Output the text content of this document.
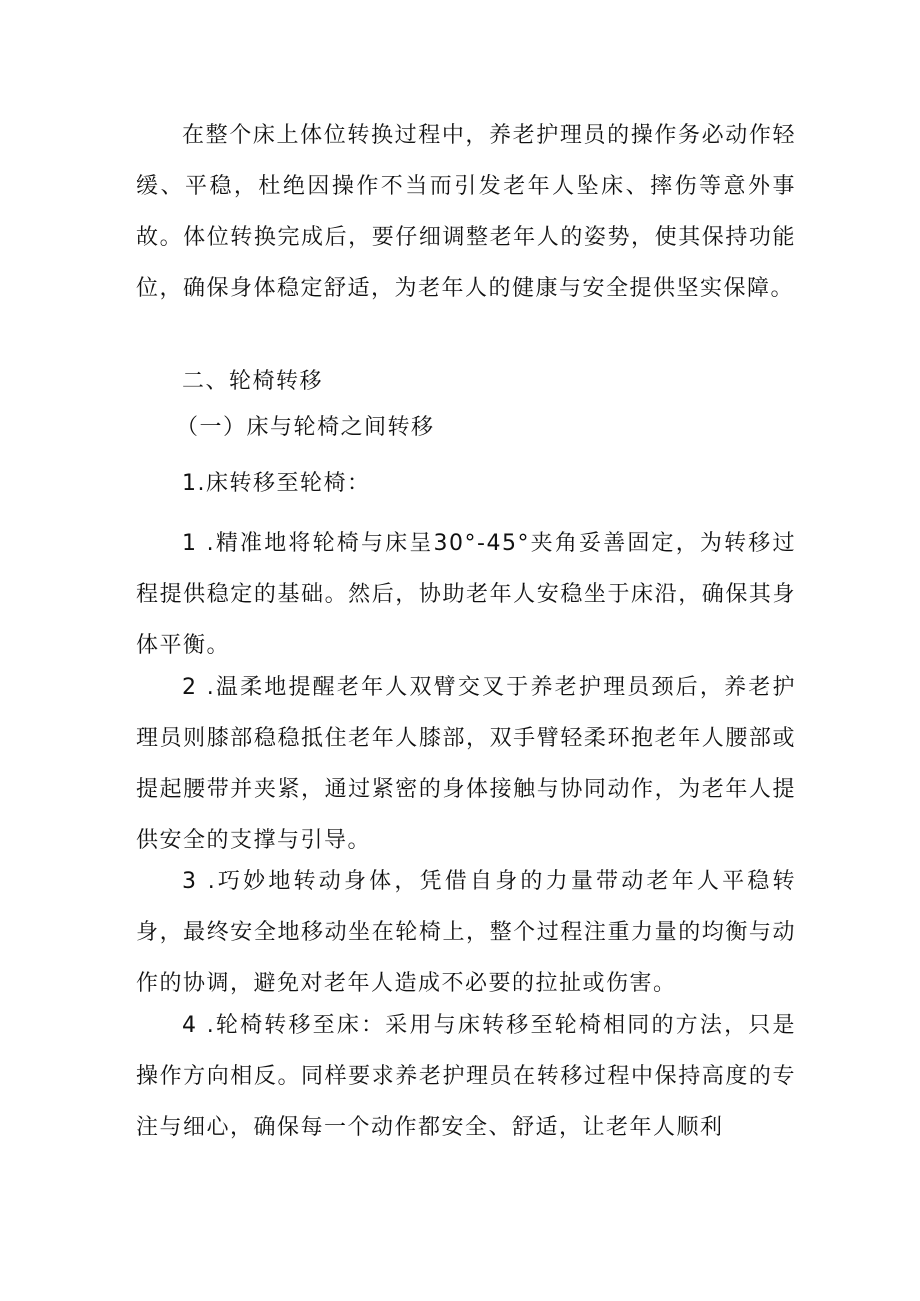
在整个床上体位转换过程中，养老护理员的操作务必动作轻缓、平稳，杜绝因操作不当而引发老年人坠床、摔伤等意外事故。体位转换完成后，要仔细调整老年人的姿势，使其保持功能位，确保身体稳定舒适，为老年人的健康与安全提供坚实保障。

二、轮椅转移

（一）床与轮椅之间转移

1.床转移至轮椅：

1 .精准地将轮椅与床呈30°-45°夹角妥善固定，为转移过程提供稳定的基础。然后，协助老年人安稳坐于床沿，确保其身体平衡。

2 .温柔地提醒老年人双臂交叉于养老护理员颈后，养老护理员则膝部稳稳抵住老年人膝部，双手臂轻柔环抱老年人腰部或提起腰带并夹紧，通过紧密的身体接触与协同动作，为老年人提供安全的支撑与引导。

3 .巧妙地转动身体，凭借自身的力量带动老年人平稳转身，最终安全地移动坐在轮椅上，整个过程注重力量的均衡与动作的协调，避免对老年人造成不必要的拉扯或伤害。

4 .轮椅转移至床：采用与床转移至轮椅相同的方法，只是操作方向相反。同样要求养老护理员在转移过程中保持高度的专注与细心，确保每一个动作都安全、舒适，让老年人顺利
